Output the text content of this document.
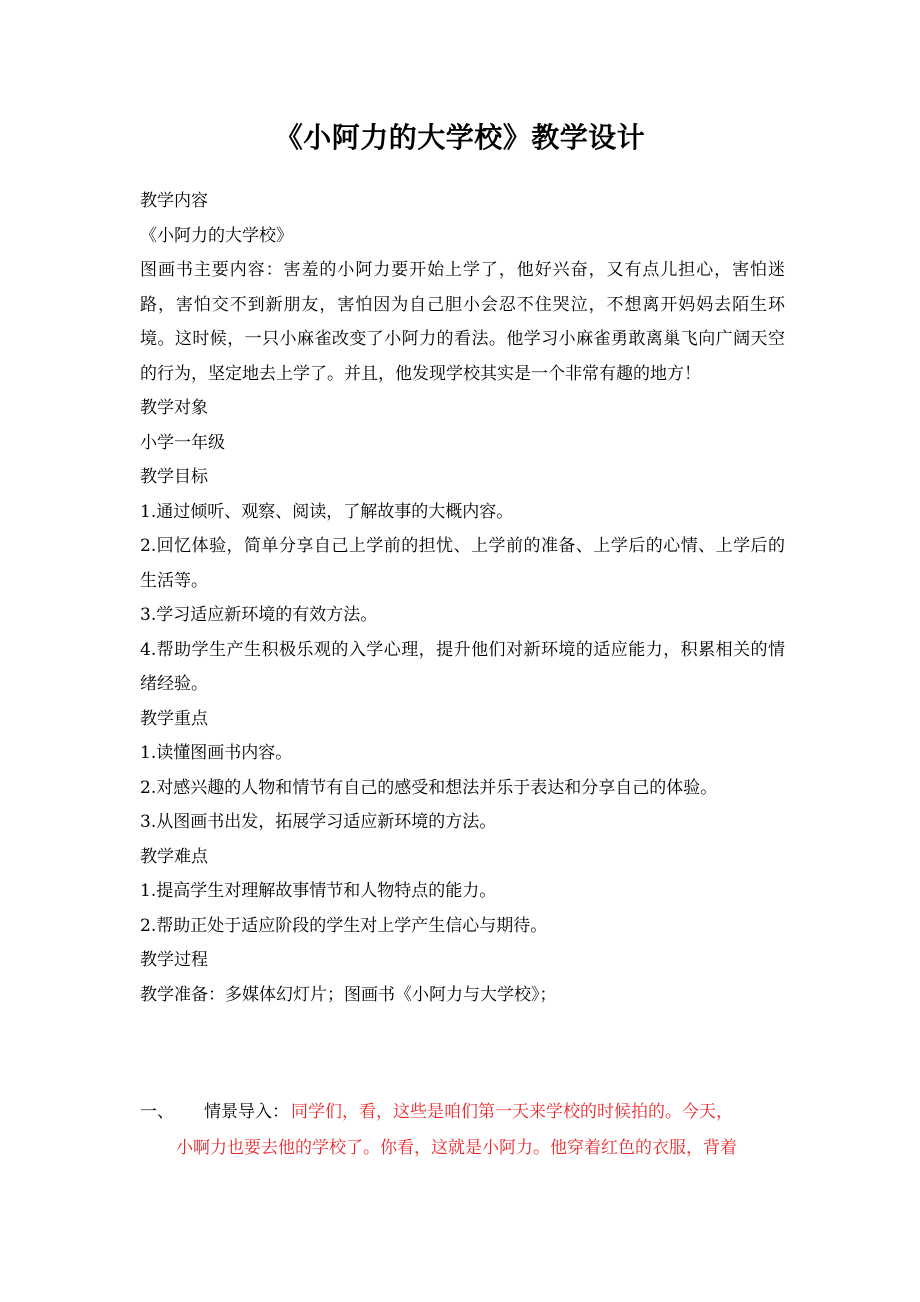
《小阿力的大学校》教学设计

教学内容

《小阿力的大学校》

图画书主要内容：害羞的小阿力要开始上学了，他好兴奋，又有点儿担心，害怕迷路，害怕交不到新朋友，害怕因为自己胆小会忍不住哭泣，不想离开妈妈去陌生环境。这时候，一只小麻雀改变了小阿力的看法。他学习小麻雀勇敢离巢飞向广阔天空的行为，坚定地去上学了。并且，他发现学校其实是一个非常有趣的地方！

教学对象

小学一年级

教学目标

1.通过倾听、观察、阅读，了解故事的大概内容。

2.回忆体验，简单分享自己上学前的担忧、上学前的准备、上学后的心情、上学后的生活等。

3.学习适应新环境的有效方法。

4.帮助学生产生积极乐观的入学心理，提升他们对新环境的适应能力，积累相关的情绪经验。

教学重点

1.读懂图画书内容。

2.对感兴趣的人物和情节有自己的感受和想法并乐于表达和分享自己的体验。

3.从图画书出发，拓展学习适应新环境的方法。

教学难点

1.提高学生对理解故事情节和人物特点的能力。

2.帮助正处于适应阶段的学生对上学产生信心与期待。

教学过程

教学准备：多媒体幻灯片；图画书《小阿力与大学校》；

一、	情景导入： 同学们，看，这些是咱们第一天来学校的时候拍的。今天，
小啊力也要去他的学校了。你看，这就是小阿力。他穿着红色的衣服，背着
